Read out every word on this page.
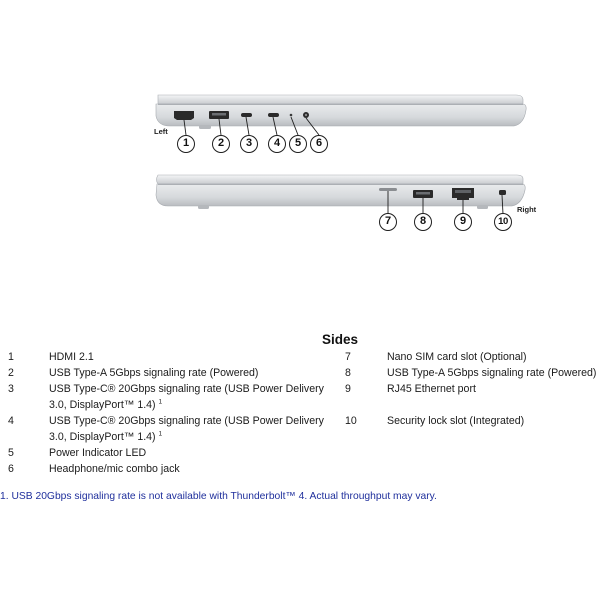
Left
Right
1	2	3	4	5	6
7	8	9	10
Sides
1	HDMI 2.1
2	USB Type-A 5Gbps signaling rate (Powered)
3	USB Type-C® 20Gbps signaling rate (USB Power Delivery
3.0, DisplayPort™ 1.4) $^1$
4	USB Type-C® 20Gbps signaling rate (USB Power Delivery
3.0, DisplayPort™ 1.4) $^1$
5	Power Indicator LED
6	Headphone/mic combo jack
7	Nano SIM card slot (Optional)
8	USB Type-A 5Gbps signaling rate (Powered)
9	RJ45 Ethernet port
10	Security lock slot (Integrated)
1. USB 20Gbps signaling rate is not available with Thunderbolt™ 4. Actual throughput may vary.
